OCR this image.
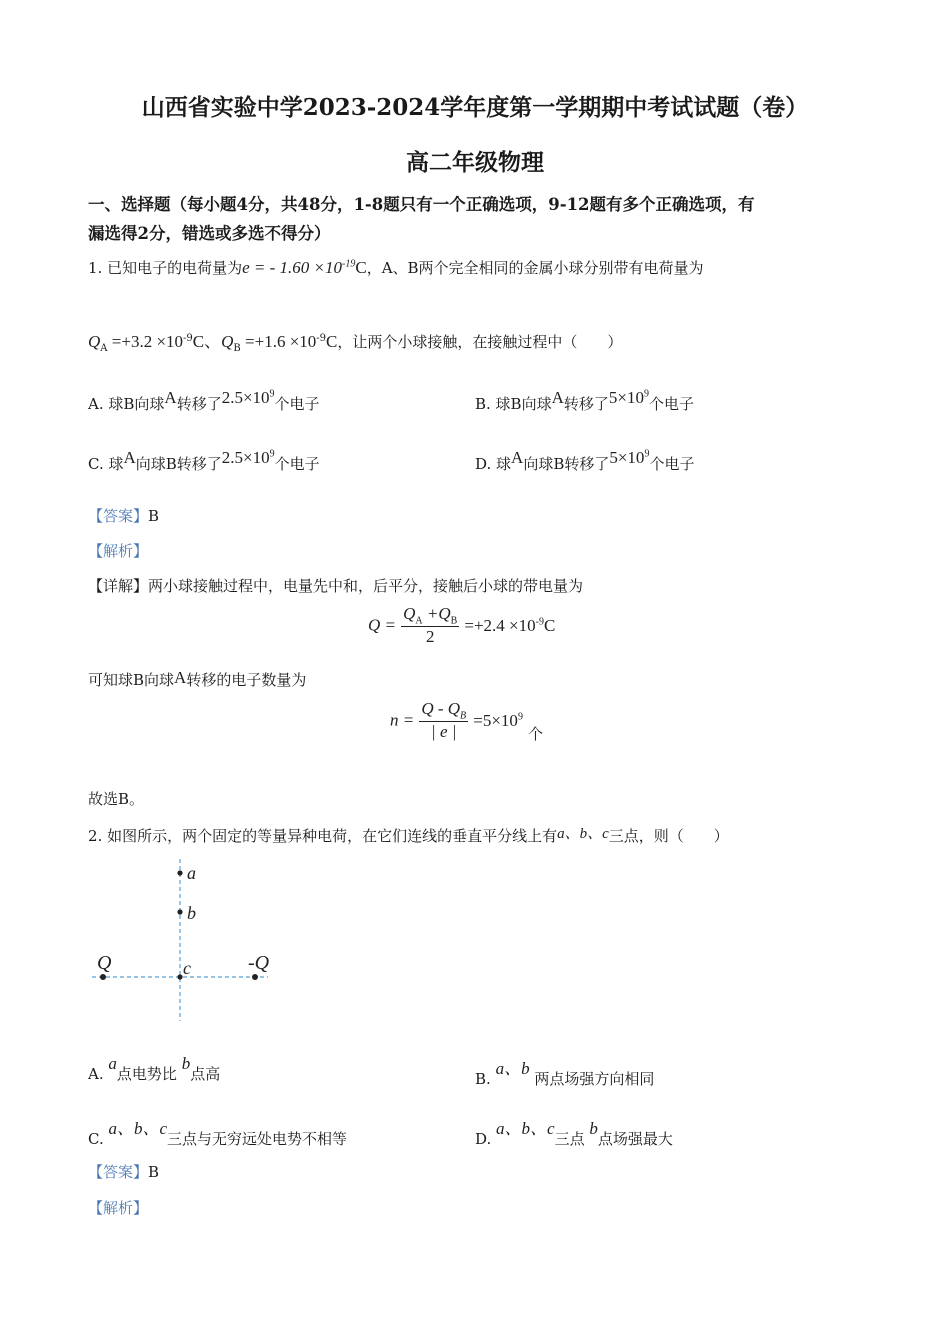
山西省实验中学2023-2024学年度第一学期期中考试试题（卷）
高二年级物理
一、选择题（每小题4分，共48分，1-8题只有一个正确选项，9-12题有多个正确选项，有
漏选得2分，错选或多选不得分）
1. 已知电子的电荷量为e = - $1.60 \times 10^{-19}C$，A、B两个完全相同的金属小球分别带有电荷量为
$Q_A =+3.2 \times 10^{-9}C$、$Q_B =+1.6 \times 10^{-9}C$，让两个小球接触，在接触过程中（　　）
A. 球B向球A转移了$2.5\times 10^9$个电子	B. 球B向球A转移了$5\times 10^9$个电子
C. 球A向球B转移了$2.5\times 10^9$个电子	D. 球A向球B转移了$5\times 10^9$个电子
【答案】B
【解析】
【详解】两小球接触过程中，电量先中和，后平分，接触后小球的带电量为
$Q = \frac{Q_A +Q_B}{2} =+2.4 \times 10^{-9}C$
可知球B向球A转移的电子数量为
$n = \frac{Q - Q_B}{| e |} =5\times 10^9$ 个
故选B。
2. 如图所示，两个固定的等量异种电荷，在它们连线的垂直平分线上有a、b、c三点，则（　　）
a
b
c
Q	-Q
A. a点电势比 b点高	B. a、b 两点场强方向相同
C. a、b、c三点与无穷远处电势不相等	D. a、b、c三点 b点场强最大
【答案】B
【解析】
